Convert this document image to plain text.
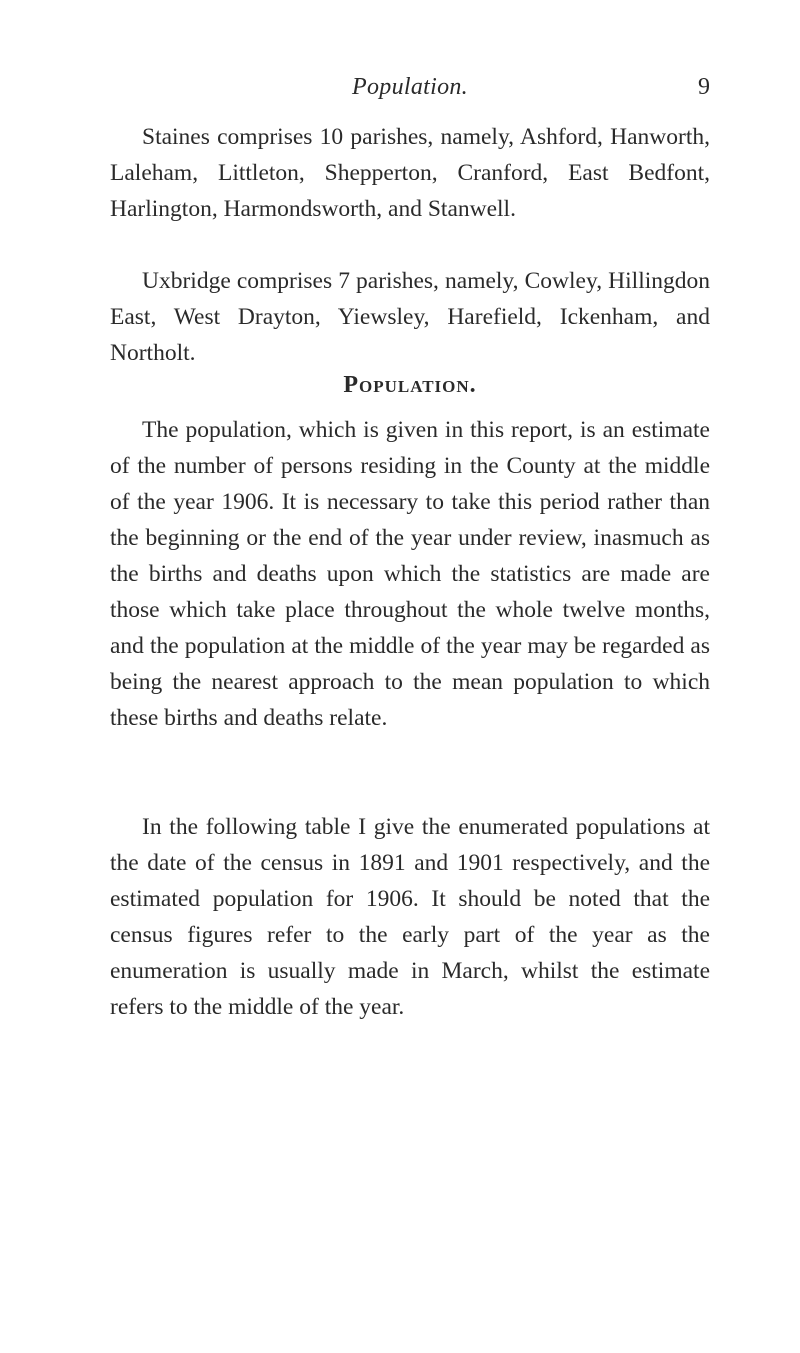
Population.	9

Staines comprises 10 parishes, namely, Ashford, Hanworth, Laleham, Littleton, Shepperton, Cranford, East Bedfont, Harlington, Harmondsworth, and Stanwell.

Uxbridge comprises 7 parishes, namely, Cowley, Hillingdon East, West Drayton, Yiewsley, Harefield, Ickenham, and Northolt.

Population.

The population, which is given in this report, is an estimate of the number of persons residing in the County at the middle of the year 1906. It is necessary to take this period rather than the beginning or the end of the year under review, inasmuch as the births and deaths upon which the statistics are made are those which take place throughout the whole twelve months, and the population at the middle of the year may be regarded as being the nearest approach to the mean population to which these births and deaths relate.

In the following table I give the enumerated populations at the date of the census in 1891 and 1901 respectively, and the estimated population for 1906. It should be noted that the census figures refer to the early part of the year as the enumeration is usually made in March, whilst the estimate refers to the middle of the year.
